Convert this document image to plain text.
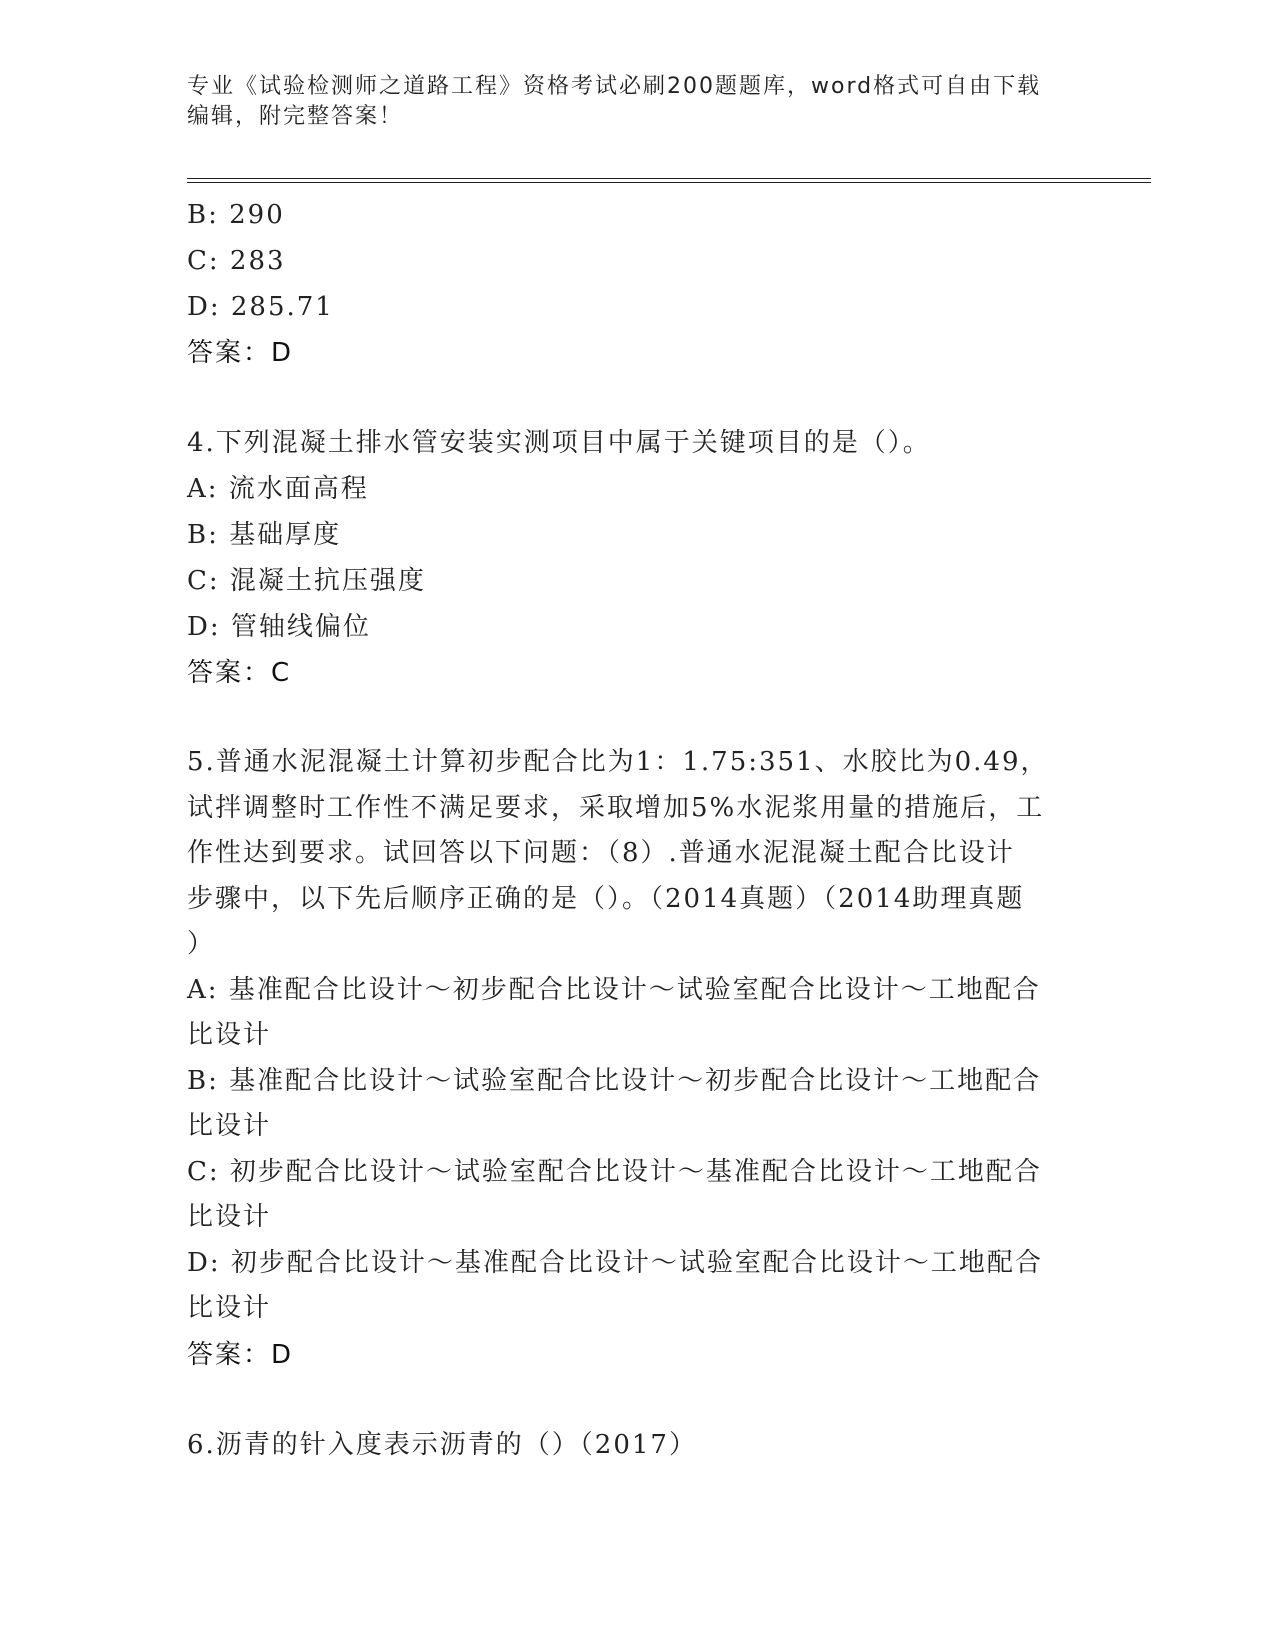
专业《试验检测师之道路工程》资格考试必刷200题题库，word格式可自由下载
编辑，附完整答案！
B: 290
C: 283
D: 285.71
答案：D
4.下列混凝土排水管安装实测项目中属于关键项目的是（）。
A: 流水面高程
B: 基础厚度
C: 混凝土抗压强度
D: 管轴线偏位
答案：C
5.普通水泥混凝土计算初步配合比为1：1.75:351、水胶比为0.49，
试拌调整时工作性不满足要求，采取增加5%水泥浆用量的措施后，工
作性达到要求。试回答以下问题：（8）.普通水泥混凝土配合比设计
步骤中，以下先后顺序正确的是（）。（2014真题）（2014助理真题
）
A: 基准配合比设计～初步配合比设计～试验室配合比设计～工地配合
比设计
B: 基准配合比设计～试验室配合比设计～初步配合比设计～工地配合
比设计
C: 初步配合比设计～试验室配合比设计～基准配合比设计～工地配合
比设计
D: 初步配合比设计～基准配合比设计～试验室配合比设计～工地配合
比设计
答案：D
6.沥青的针入度表示沥青的（）（2017）
